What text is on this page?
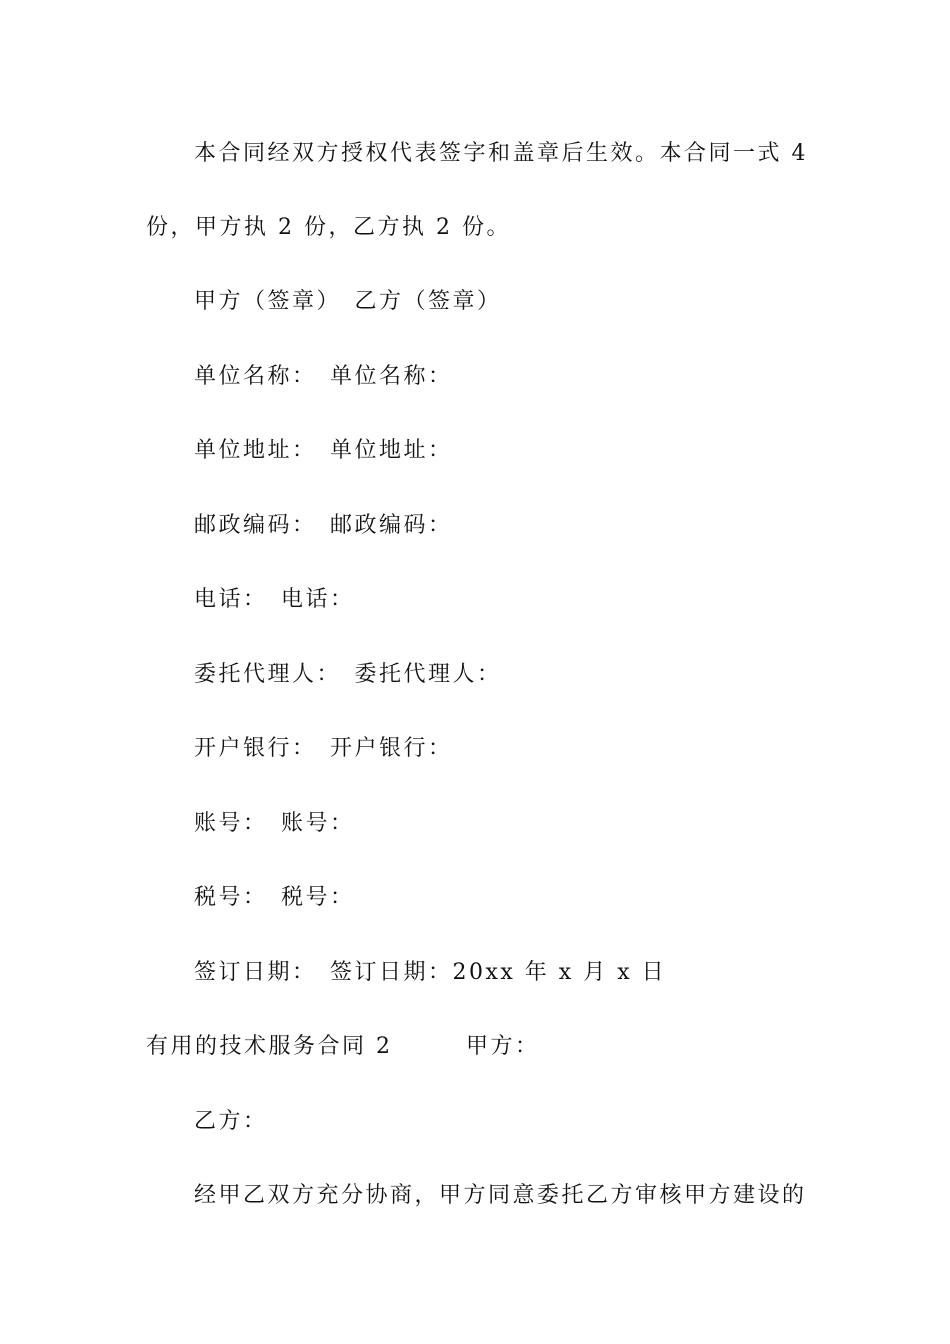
本合同经双方授权代表签字和盖章后生效。本合同一式 4
份，甲方执 2 份，乙方执 2 份。
甲方（签章）　乙方（签章）
单位名称：　单位名称：
单位地址：　单位地址：
邮政编码：　邮政编码：
电话：　电话：
委托代理人：　委托代理人：
开户银行：　开户银行：
账号：　账号：
税号：　税号：
签订日期：　签订日期：20xx 年 x 月 x 日
有用的技术服务合同 2　　　甲方：
乙方：
经甲乙双方充分协商，甲方同意委托乙方审核甲方建设的
